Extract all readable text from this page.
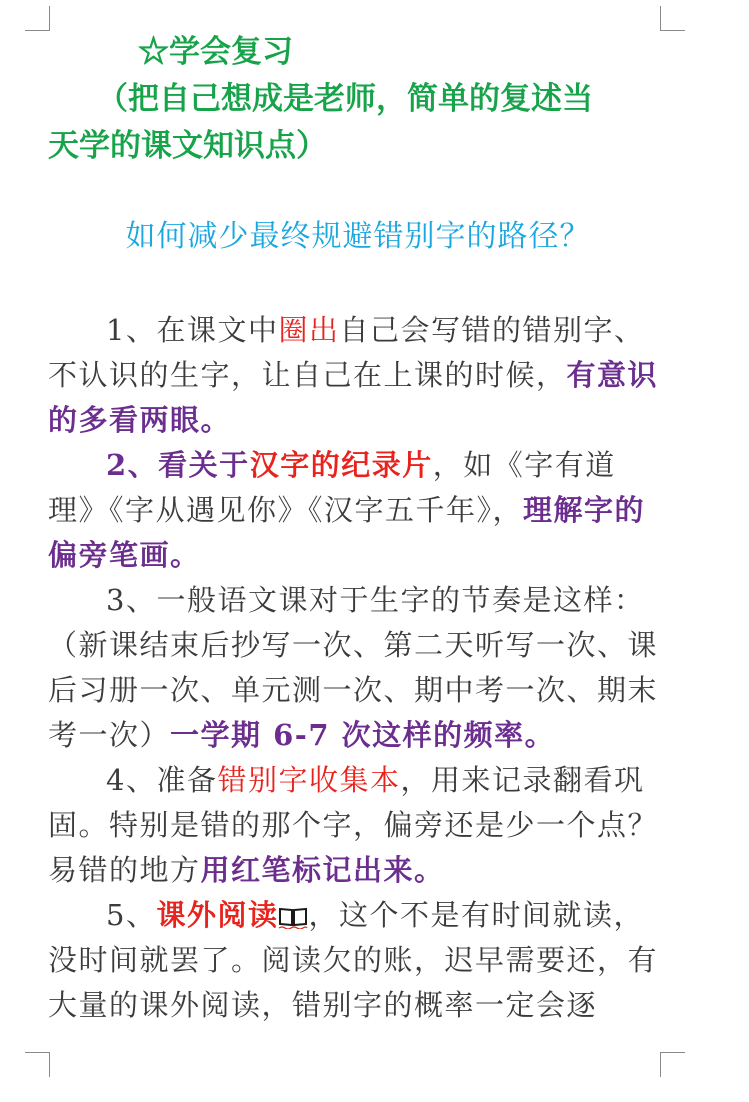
☆学会复习
（把自己想成是老师，简单的复述当
天学的课文知识点）
如何减少最终规避错别字的路径？

1、在课文中圈出自己会写错的错别字、不认识的生字，让自己在上课的时候，有意识的多看两眼。

2、看关于汉字的纪录片，如《字有道理》《字从遇见你》《汉字五千年》，理解字的偏旁笔画。

3、一般语文课对于生字的节奏是这样：（新课结束后抄写一次、第二天听写一次、课后习册一次、单元测一次、期中考一次、期末考一次）一学期 6-7 次这样的频率。

4、准备错别字收集本，用来记录翻看巩固。特别是错的那个字，偏旁还是少一个点？易错的地方用红笔标记出来。

5、课外阅读 ，这个不是有时间就读，没时间就罢了。阅读欠的账，迟早需要还，有大量的课外阅读，错别字的概率一定会逐
